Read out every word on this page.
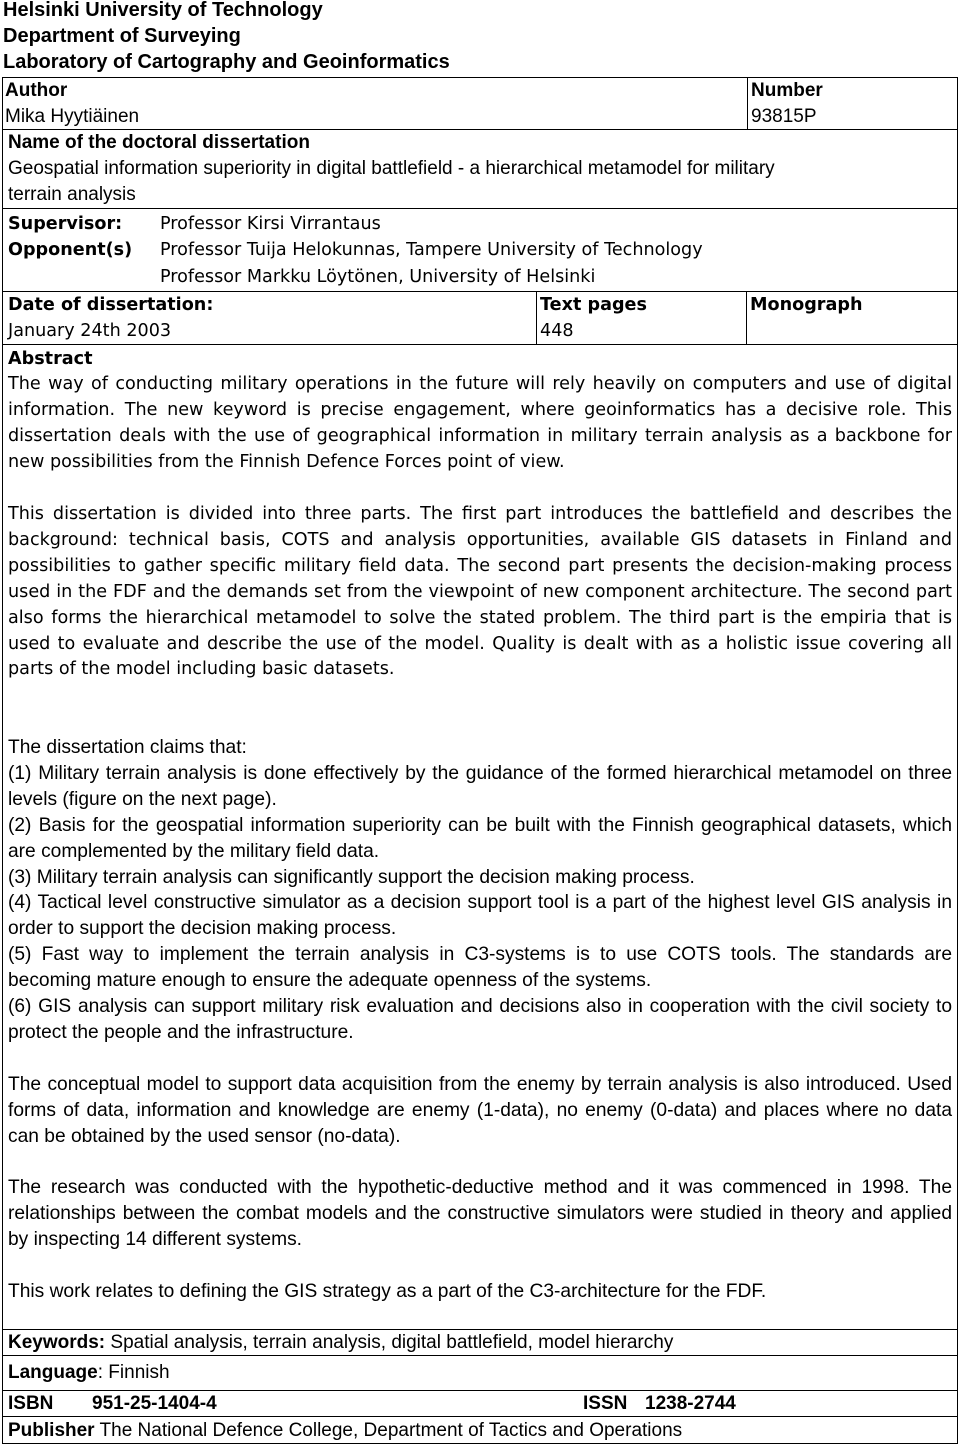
Helsinki University of Technology
Department of Surveying
Laboratory of Cartography and Geoinformatics
Author
Mika Hyytiäinen
Number
93815P
Name of the doctoral dissertation
Geospatial information superiority in digital battlefield - a hierarchical metamodel for military
terrain analysis
Supervisor: Professor Kirsi Virrantaus
Opponent(s) Professor Tuija Helokunnas, Tampere University of Technology
Professor Markku Löytönen, University of Helsinki
Date of dissertation:
January 24th 2003
Text pages
448
Monograph
Abstract

The way of conducting military operations in the future will rely heavily on computers and use of digital information. The new keyword is precise engagement, where geoinformatics has a decisive role. This dissertation deals with the use of geographical information in military terrain analysis as a backbone for new possibilities from the Finnish Defence Forces point of view.

This dissertation is divided into three parts. The first part introduces the battlefield and describes the background: technical basis, COTS and analysis opportunities, available GIS datasets in Finland and possibilities to gather specific military field data. The second part presents the decision-making process used in the FDF and the demands set from the viewpoint of new component architecture. The second part also forms the hierarchical metamodel to solve the stated problem. The third part is the empiria that is used to evaluate and describe the use of the model. Quality is dealt with as a holistic issue covering all parts of the model including basic datasets.

The dissertation claims that:
(1) Military terrain analysis is done effectively by the guidance of the formed hierarchical metamodel on three levels (figure on the next page).
(2) Basis for the geospatial information superiority can be built with the Finnish geographical datasets, which are complemented by the military field data.
(3) Military terrain analysis can significantly support the decision making process.
(4) Tactical level constructive simulator as a decision support tool is a part of the highest level GIS analysis in order to support the decision making process.
(5) Fast way to implement the terrain analysis in C3-systems is to use COTS tools. The standards are becoming mature enough to ensure the adequate openness of the systems.
(6) GIS analysis can support military risk evaluation and decisions also in cooperation with the civil society to protect the people and the infrastructure.

The conceptual model to support data acquisition from the enemy by terrain analysis is also introduced. Used forms of data, information and knowledge are enemy (1-data), no enemy (0-data) and places where no data can be obtained by the used sensor (no-data).

The research was conducted with the hypothetic-deductive method and it was commenced in 1998. The relationships between the combat models and the constructive simulators were studied in theory and applied by inspecting 14 different systems.

This work relates to defining the GIS strategy as a part of the C3-architecture for the FDF.

Keywords: Spatial analysis, terrain analysis, digital battlefield, model hierarchy
Language: Finnish
ISBN 951-25-1404-4	ISSN 1238-2744
Publisher The National Defence College, Department of Tactics and Operations
